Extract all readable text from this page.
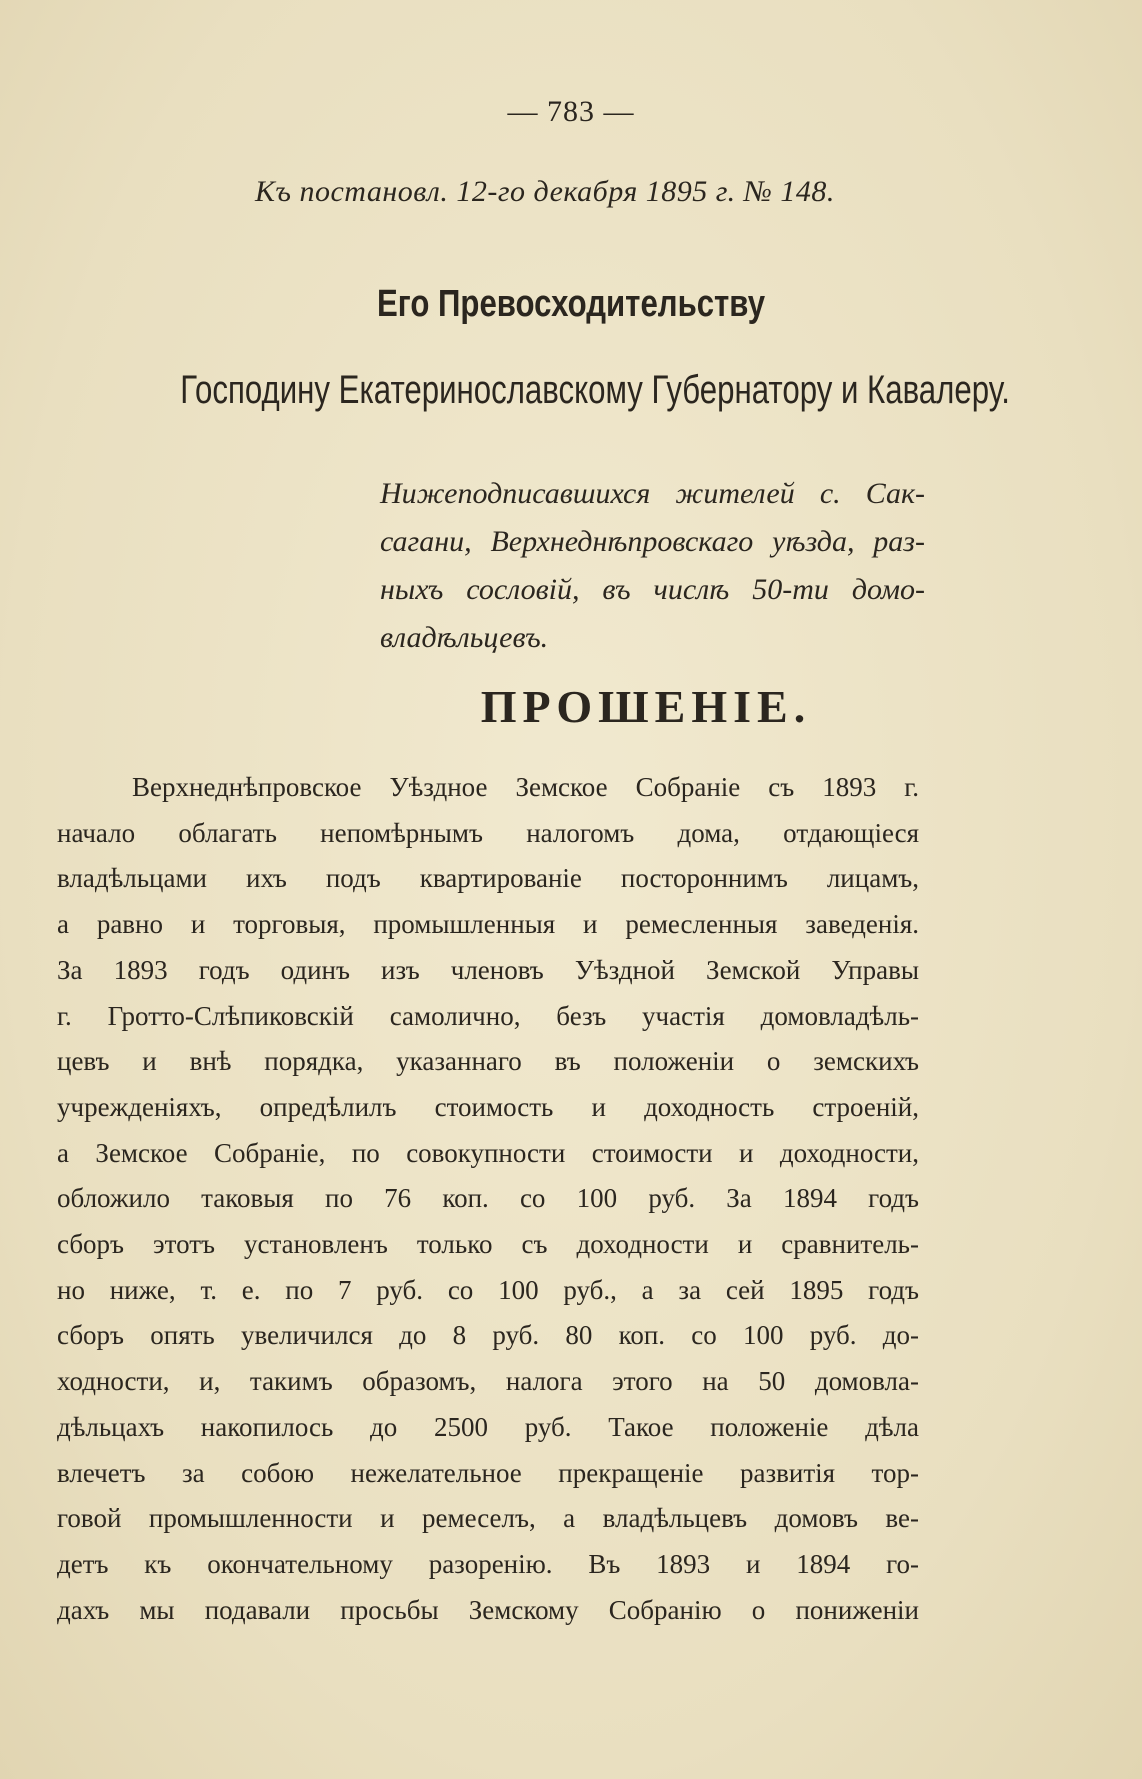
— 783 —
Къ постановл. 12-го декабря 1895 г. № 148.
Его Превосходительству
Господину Екатеринославскому Губернатору и Кавалеру.
Нижеподписавшихся жителей с. Сак-
сагани, Верхнеднѣпровскаго уѣзда, раз-
ныхъ сословій, въ числѣ 50-ти домо-
владѣльцевъ.
ПРОШЕНІЕ.
Верхнеднѣпровское Уѣздное Земское Собраніе съ 1893 г.
начало облагать непомѣрнымъ налогомъ дома, отдающіеся
владѣльцами ихъ подъ квартированіе постороннимъ лицамъ,
а равно и торговыя, промышленныя и ремесленныя заведенія.
За 1893 годъ одинъ изъ членовъ Уѣздной Земской Управы
г. Гротто-Слѣпиковскій самолично, безъ участія домовладѣль-
цевъ и внѣ порядка, указаннаго въ положеніи о земскихъ
учрежденіяхъ, опредѣлилъ стоимость и доходность строеній,
а Земское Собраніе, по совокупности стоимости и доходности,
обложило таковыя по 76 коп. со 100 руб. За 1894 годъ
сборъ этотъ установленъ только съ доходности и сравнитель-
но ниже, т. е. по 7 руб. со 100 руб., а за сей 1895 годъ
сборъ опять увеличился до 8 руб. 80 коп. со 100 руб. до-
ходности, и, такимъ образомъ, налога этого на 50 домовла-
дѣльцахъ накопилось до 2500 руб. Такое положеніе дѣла
влечетъ за собою нежелательное прекращеніе развитія тор-
говой промышленности и ремеселъ, а владѣльцевъ домовъ ве-
детъ къ окончательному разоренію. Въ 1893 и 1894 го-
дахъ мы подавали просьбы Земскому Собранію о пониженіи
